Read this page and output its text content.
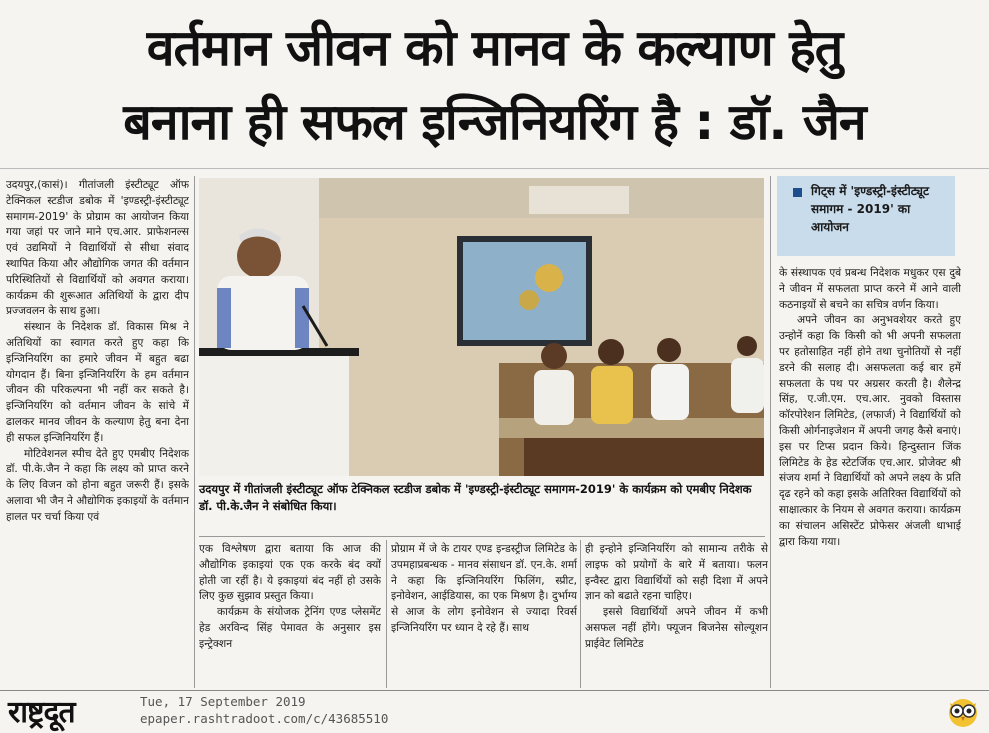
वर्तमान जीवन को मानव के कल्याण हेतु
बनाना ही सफल इन्जिनियरिंग है : डॉ. जैन

उदयपुर,(कासं)। गीतांजली इंस्टीट्यूट ऑफ टेक्निकल स्टडीज डबोक में 'इण्डस्ट्री-इंस्टीट्यूट समागम-2019' के प्रोग्राम का आयोजन किया गया जहां पर जाने माने एच.आर. प्राफेशनल्स एवं उद्यमियों ने विद्यार्थियों से सीधा संवाद स्थापित किया और औद्योगिक जगत की वर्तमान परिस्थितियों से विद्यार्थियों को अवगत कराया। कार्यक्रम की शुरूआत अतिथियों के द्वारा दीप प्रज्जवलन के साथ हुआ।

संस्थान के निदेशक डॉ. विकास मिश्र ने अतिथियों का स्वागत करते हुए कहा कि इन्जिनियरिंग का हमारे जीवन में बहुत बढा योगदान हैं। बिना इन्जिनियरिंग के हम वर्तमान जीवन की परिकल्पना भी नहीं कर सकते है। इन्जिनियरिंग को वर्तमान जीवन के सांचे में ढालकर मानव जीवन के कल्याण हेतु बना देना ही सफल इन्जिनियरिंग हैं।

मोटिवेशनल स्पीच देते हुए एमबीए निदेशक डॉ. पी.के.जैन ने कहा कि लक्ष्य को प्राप्त करने के लिए विजन को होना बहुत जरूरी हैं। इसके अलावा भी जैन ने औद्योगिक इकाइयों के वर्तमान हालत पर चर्चा किया एवं

गिट्स में 'इण्डस्ट्री-इंस्टीट्यूट समागम - 2019' का आयोजन
उदयपुर में गीतांजली इंस्टीट्यूट ऑफ टेक्निकल स्टडीज डबोक में 'इण्डस्ट्री-इंस्टीट्यूट समागम-2019' के कार्यक्रम को एमबीए निदेशक डॉ. पी.के.जैन ने संबोधित किया।

एक विश्लेषण द्वारा बताया कि आज की औद्योगिक इकाइयां एक एक करके बंद क्यों होती जा रहीं है। ये इकाइयां बंद नहीं हो उसके लिए कुछ सुझाव प्रस्तुत किया।

कार्यक्रम के संयोजक ट्रेनिंग एण्ड प्लेसमेंट हेड अरविन्द सिंह पेमावत के अनुसार इस इन्ट्रेक्शन

प्रोग्राम में जे के टायर एण्ड इन्डस्ट्रीज लिमिटेड के उपमहाप्रबन्धक - मानव संसाधन डॉ. एन.के. शर्मा ने कहा कि इन्जिनियरिंग फिलिंग, स्प्रीट, इनोवेशन, आईडियास, का एक मिश्रण है। दुर्भाग्य से आज के लोग इनोवेशन से ज्यादा रिवर्स इन्जिनियरिंग पर ध्यान दे रहे हैं। साथ

ही इन्होने इन्जिनियरिंग को सामान्य तरीके से लाइफ को प्रयोगों के बारे में बताया। फलन इन्वैस्ट द्वारा विद्यार्थियों को सही दिशा में अपने ज्ञान को बढाते रहना चाहिए।

इससे विद्यार्थियों अपने जीवन में कभी असफल नहीं होंगे। फ्यूजन बिजनेस सोल्यूशन प्राईवेट लिमिटेड

के संस्थापक एवं प्रबन्ध निदेशक मधुकर एस दुबे ने जीवन में सफलता प्राप्त करने में आने वाली कठनाइयों से बचने का सचित्र वर्णन किया।

अपने जीवन का अनुभवशेयर करते हुए उन्होनें कहा कि किसी को भी अपनी सफलता पर हतोसाहित नहीं होने तथा चुनोतियों से नहीं डरने की सलाह दी। असफलता कई बार हमें सफलता के पथ पर अग्रसर करती है। शैलेन्द्र सिंह, ए.जी.एम. एच.आर. नुवको विस्तास कॉरपोरेशन लिमिटेड, (लफार्ज) ने विद्यार्थियों को किसी ओर्गनाइजेशन में अपनी जगह कैसे बनाएं। इस पर टिप्स प्रदान किये। हिन्दुस्तान जिंक लिमिटेड के हेड स्टेटर्जिक एच.आर. प्रोजेक्ट श्री संजय शर्मा ने विद्यार्थियों को अपने लक्ष्य के प्रति दृढ रहने को कहा इसके अतिरिक्त विद्यार्थियों को साक्षात्कार के नियम से अवगत कराया। कार्यक्रम का संचालन असिस्टेंट प्रोफेसर अंजली धाभाई द्वारा किया गया।

राष्ट्रदूत	Tue, 17 September 2019
epaper.rashtradoot.com/c/43685510
